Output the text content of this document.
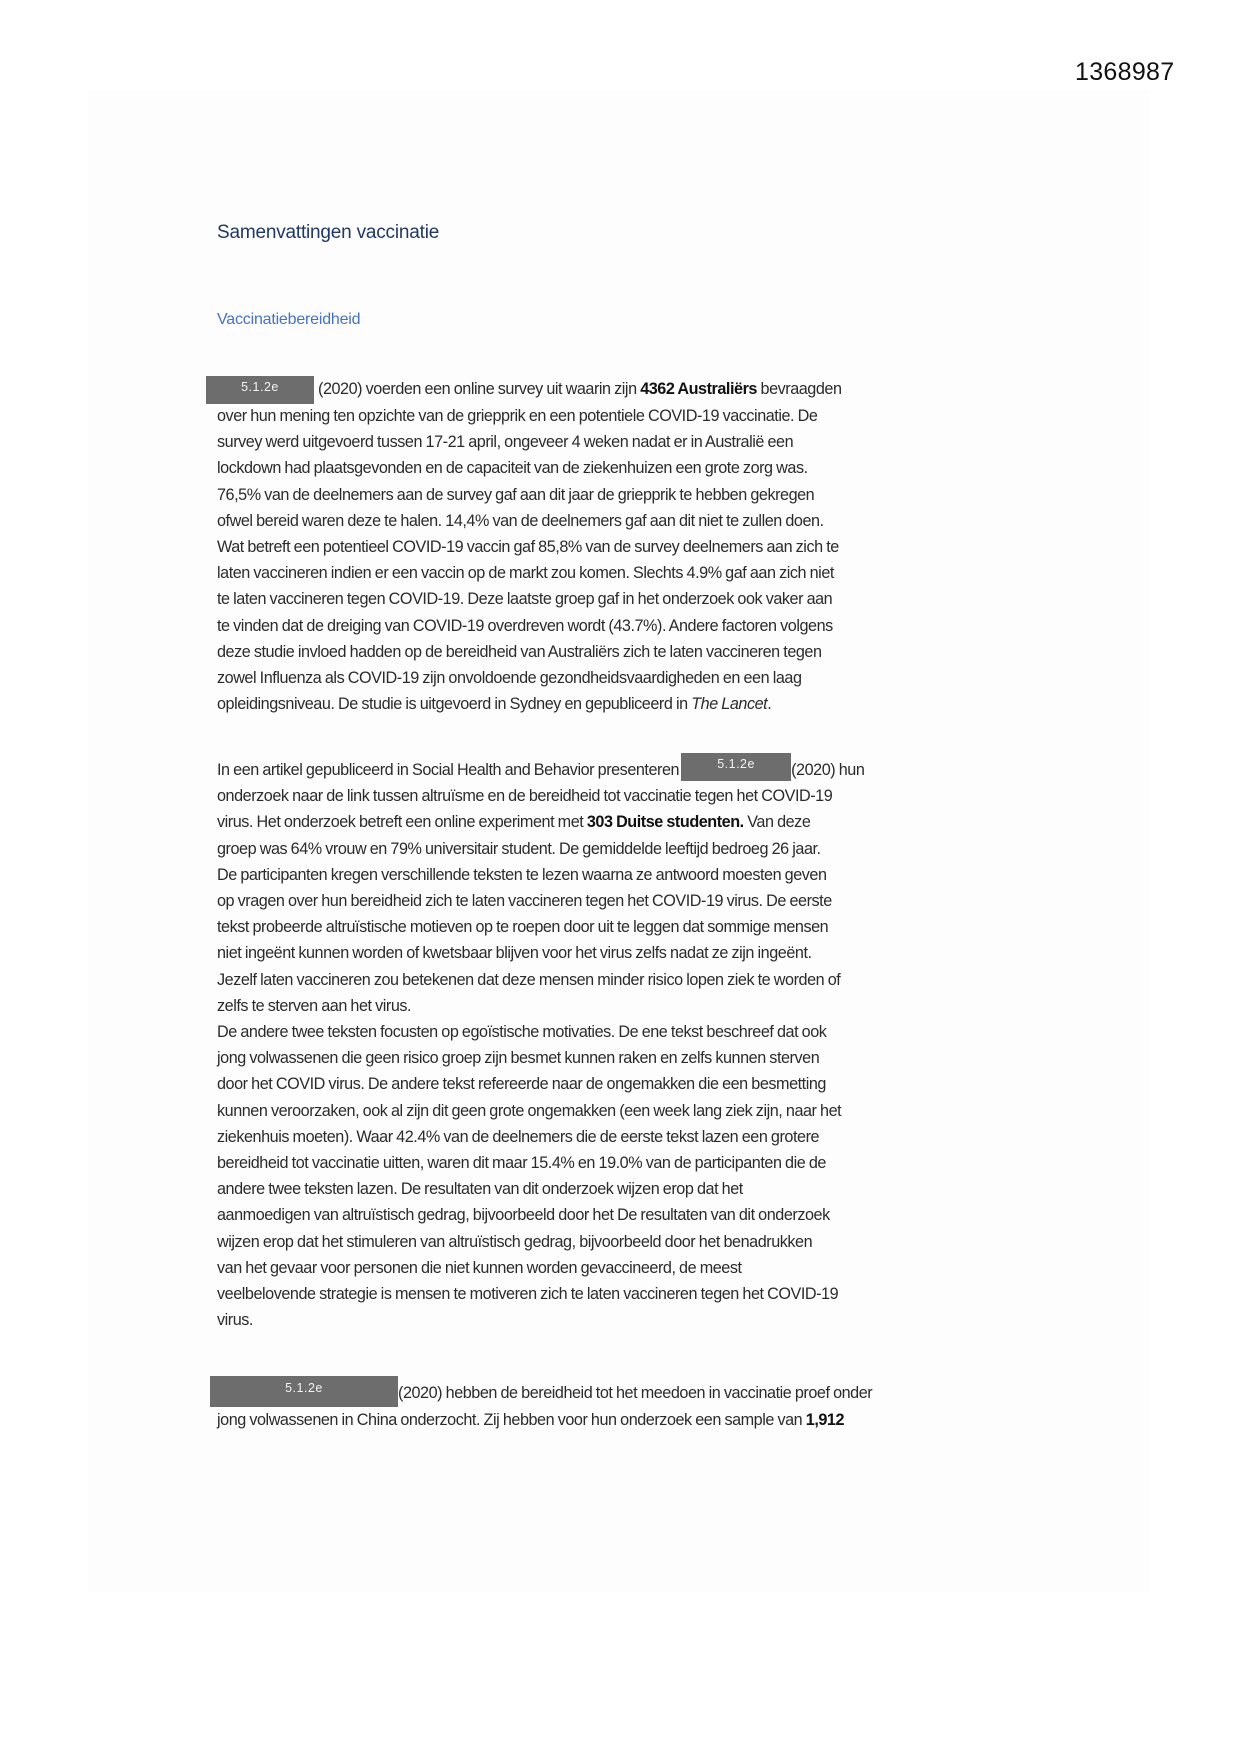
1368987
Samenvattingen vaccinatie
Vaccinatiebereidheid
5.1.2e (2020) voerden een online survey uit waarin zijn 4362 Australiërs bevraagden
over hun mening ten opzichte van de griepprik en een potentiele COVID-19 vaccinatie. De
survey werd uitgevoerd tussen 17-21 april, ongeveer 4 weken nadat er in Australië een
lockdown had plaatsgevonden en de capaciteit van de ziekenhuizen een grote zorg was.
76,5% van de deelnemers aan de survey gaf aan dit jaar de griepprik te hebben gekregen
ofwel bereid waren deze te halen. 14,4% van de deelnemers gaf aan dit niet te zullen doen.
Wat betreft een potentieel COVID-19 vaccin gaf 85,8% van de survey deelnemers aan zich te
laten vaccineren indien er een vaccin op de markt zou komen. Slechts 4.9% gaf aan zich niet
te laten vaccineren tegen COVID-19. Deze laatste groep gaf in het onderzoek ook vaker aan
te vinden dat de dreiging van COVID-19 overdreven wordt (43.7%). Andere factoren volgens
deze studie invloed hadden op de bereidheid van Australiërs zich te laten vaccineren tegen
zowel Influenza als COVID-19 zijn onvoldoende gezondheidsvaardigheden en een laag
opleidingsniveau. De studie is uitgevoerd in Sydney en gepubliceerd in The Lancet.
In een artikel gepubliceerd in Social Health and Behavior presenteren	5.1.2e (2020) hun
onderzoek naar de link tussen altruïsme en de bereidheid tot vaccinatie tegen het COVID-19
virus. Het onderzoek betreft een online experiment met 303 Duitse studenten. Van deze
groep was 64% vrouw en 79% universitair student. De gemiddelde leeftijd bedroeg 26 jaar.
De participanten kregen verschillende teksten te lezen waarna ze antwoord moesten geven
op vragen over hun bereidheid zich te laten vaccineren tegen het COVID-19 virus. De eerste
tekst probeerde altruïstische motieven op te roepen door uit te leggen dat sommige mensen
niet ingeënt kunnen worden of kwetsbaar blijven voor het virus zelfs nadat ze zijn ingeënt.
Jezelf laten vaccineren zou betekenen dat deze mensen minder risico lopen ziek te worden of
zelfs te sterven aan het virus.
De andere twee teksten focusten op egoïstische motivaties. De ene tekst beschreef dat ook
jong volwassenen die geen risico groep zijn besmet kunnen raken en zelfs kunnen sterven
door het COVID virus. De andere tekst refereerde naar de ongemakken die een besmetting
kunnen veroorzaken, ook al zijn dit geen grote ongemakken (een week lang ziek zijn, naar het
ziekenhuis moeten). Waar 42.4% van de deelnemers die de eerste tekst lazen een grotere
bereidheid tot vaccinatie uitten, waren dit maar 15.4% en 19.0% van de participanten die de
andere twee teksten lazen. De resultaten van dit onderzoek wijzen erop dat het
aanmoedigen van altruïstisch gedrag, bijvoorbeeld door het De resultaten van dit onderzoek
wijzen erop dat het stimuleren van altruïstisch gedrag, bijvoorbeeld door het benadrukken
van het gevaar voor personen die niet kunnen worden gevaccineerd, de meest
veelbelovende strategie is mensen te motiveren zich te laten vaccineren tegen het COVID-19
virus.
5.1.2e	(2020) hebben de bereidheid tot het meedoen in vaccinatie proef onder
jong volwassenen in China onderzocht. Zij hebben voor hun onderzoek een sample van 1,912
